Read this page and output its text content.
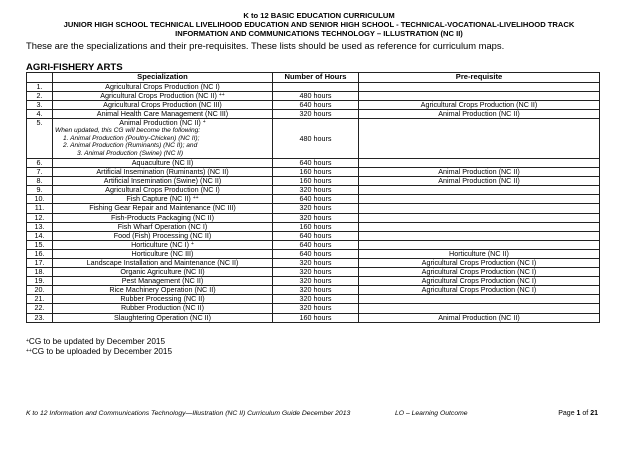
K to 12 BASIC EDUCATION CURRICULUM
JUNIOR HIGH SCHOOL TECHNICAL LIVELIHOOD EDUCATION AND SENIOR HIGH SCHOOL - TECHNICAL-VOCATIONAL-LIVELIHOOD TRACK
INFORMATION AND COMMUNICATIONS TECHNOLOGY – ILLUSTRATION (NC II)
These are the specializations and their pre-requisites. These lists should be used as reference for curriculum maps.
AGRI-FISHERY ARTS
	Specialization	Number of Hours	Pre-requisite
1.	Agricultural Crops Production (NC I)		
2.	Agricultural Crops Production (NC II) ++	480 hours	
3.	Agricultural Crops Production (NC III)	640 hours	Agricultural Crops Production (NC II)
4.	Animal Health Care Management (NC III)	320 hours	Animal Production (NC II)
5.	Animal Production (NC II) +
When updated, this CG will become the following:
1. Animal Production (Poultry-Chicken) (NC II);
2. Animal Production (Ruminants) (NC II); and
3. Animal Production (Swine) (NC II)	480 hours	
6.	Aquaculture (NC II)	640 hours	
7.	Artificial Insemination (Ruminants) (NC II)	160 hours	Animal Production (NC II)
8.	Artificial Insemination (Swine) (NC II)	160 hours	Animal Production (NC II)
9.	Agricultural Crops Production (NC I)	320 hours	
10.	Fish Capture (NC II) ++	640 hours	
11.	Fishing Gear Repair and Maintenance (NC III)	320 hours	
12.	Fish-Products Packaging (NC II)	320 hours	
13.	Fish Wharf Operation (NC I)	160 hours	
14.	Food (Fish) Processing (NC II)	640 hours	
15.	Horticulture (NC I) +	640 hours	
16.	Horticulture (NC III)	640 hours	Horticulture (NC II)
17.	Landscape Installation and Maintenance (NC II)	320 hours	Agricultural Crops Production (NC I)
18.	Organic Agriculture (NC II)	320 hours	Agricultural Crops Production (NC I)
19.	Pest Management (NC II)	320 hours	Agricultural Crops Production (NC I)
20.	Rice Machinery Operation (NC II)	320 hours	Agricultural Crops Production (NC I)
21.	Rubber Processing (NC II)	320 hours	
22.	Rubber Production (NC II)	320 hours	
23.	Slaughtering Operation (NC II)	160 hours	Animal Production (NC II)
+CG to be updated by December 2015
++CG to be uploaded by December 2015
K to 12 Information and Communications Technology—Illustration (NC II) Curriculum Guide December 2013	LO – Learning Outcome	Page 1 of 21
